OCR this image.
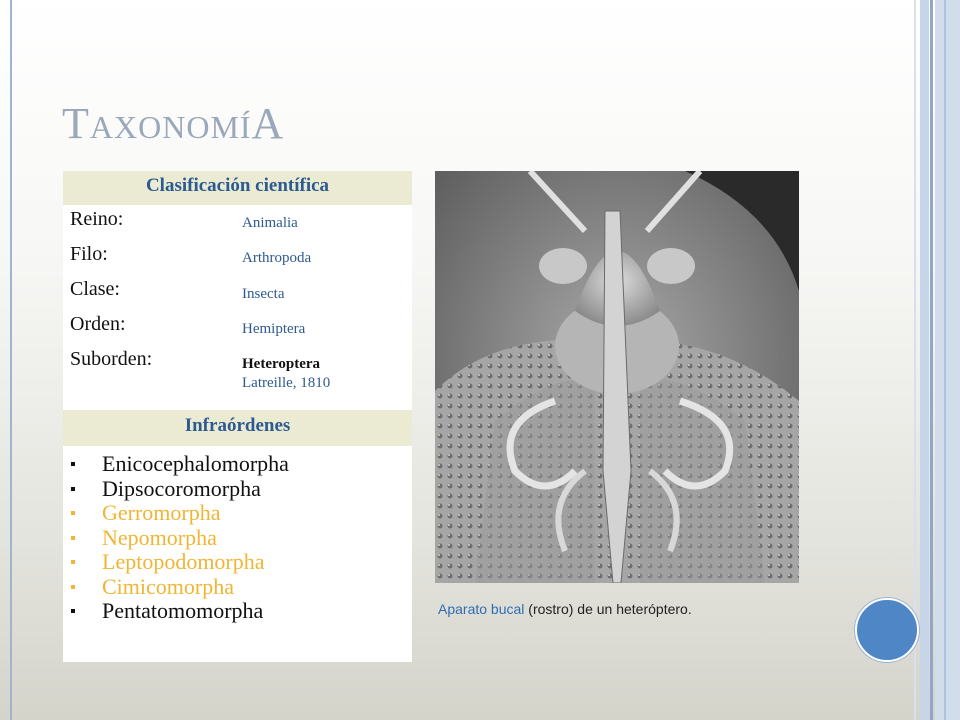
TAXONOMÍA
Clasificación científica
Reino:	Animalia
Filo:	Arthropoda
Clase:	Insecta
Orden:	Hemiptera
Suborden:	Heteroptera
Latreille, 1810
Infraórdenes
Enicocephalomorpha
Dipsocoromorpha
Gerromorpha
Nepomorpha
Leptopodomorpha
Cimicomorpha
Pentatomomorpha	Aparato bucal (rostro) de un heteróptero.
